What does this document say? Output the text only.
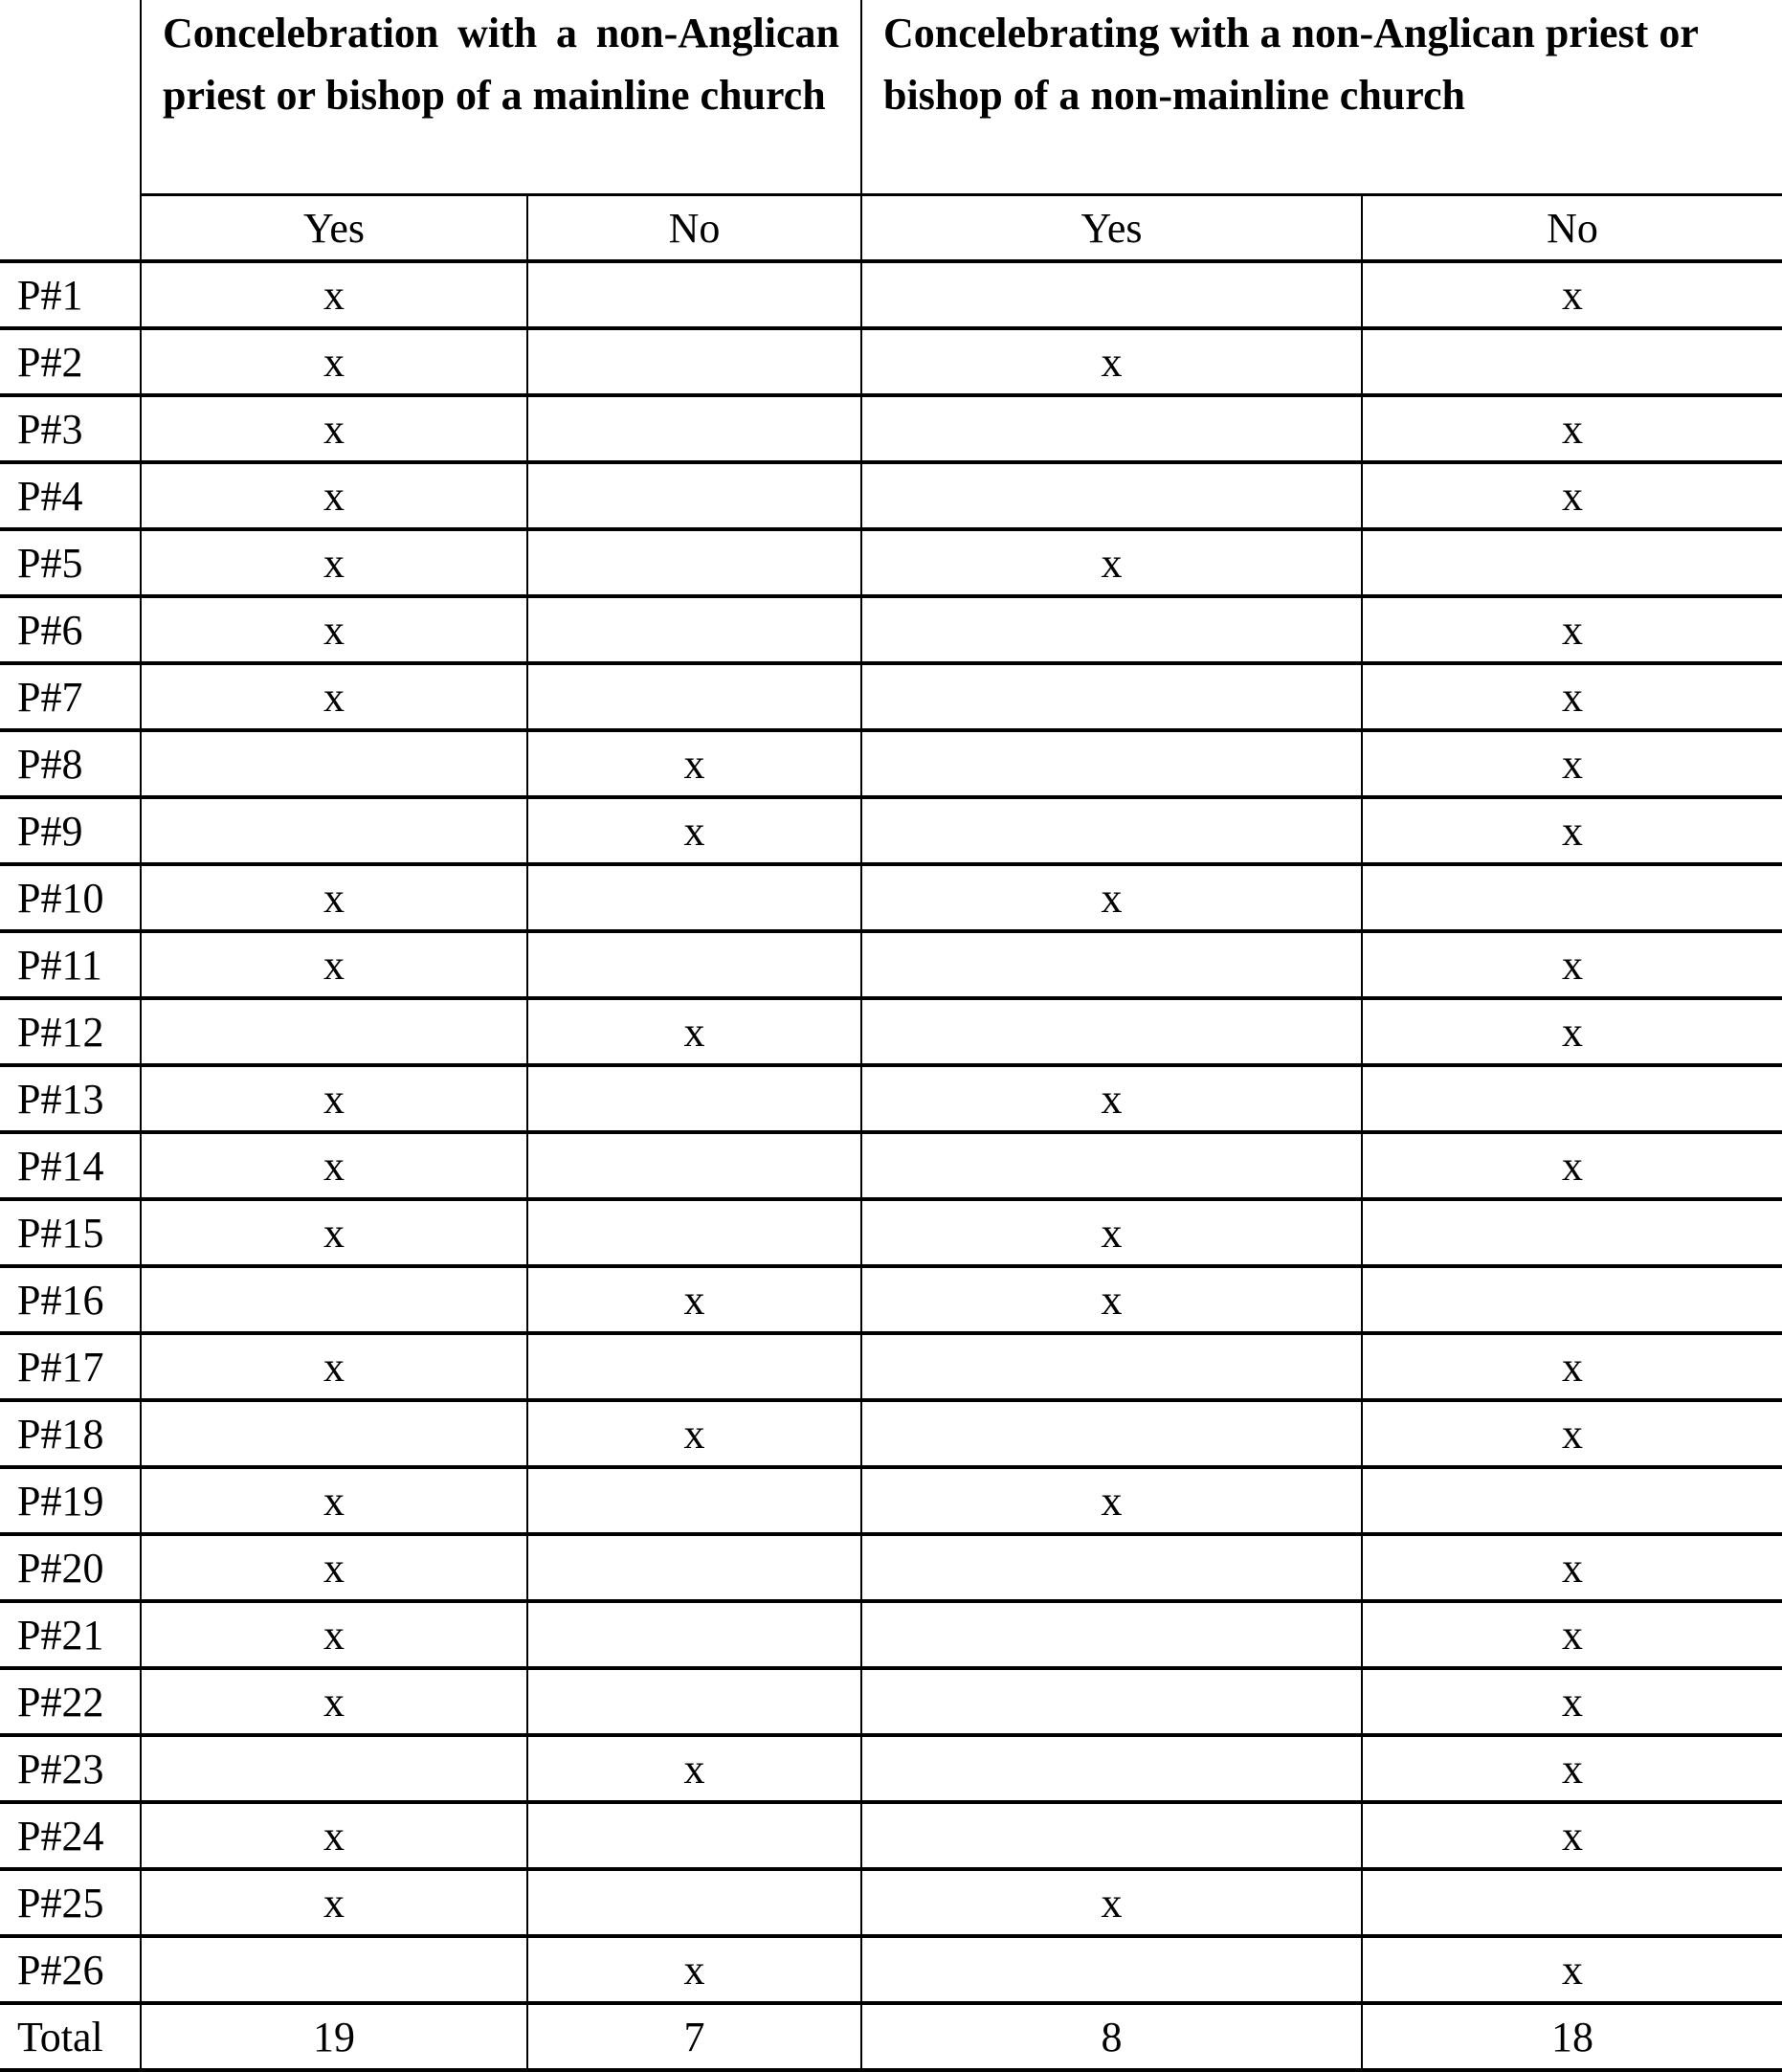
	Concelebration with a non-Anglican priest or bishop of a mainline church		Concelebrating with a non-Anglican priest or bishop of a non-mainline church	
	Yes	No	Yes	No
P#1	x			x
P#2	x		x	
P#3	x			x
P#4	x			x
P#5	x		x	
P#6	x			x
P#7	x			x
P#8		x		x
P#9		x		x
P#10	x		x	
P#11	x			x
P#12		x		x
P#13	x		x	
P#14	x			x
P#15	x		x	
P#16		x	x	
P#17	x			x
P#18		x		x
P#19	x		x	
P#20	x			x
P#21	x			x
P#22	x			x
P#23		x		x
P#24	x			x
P#25	x		x	
P#26		x		x
Total	19	7	8	18
